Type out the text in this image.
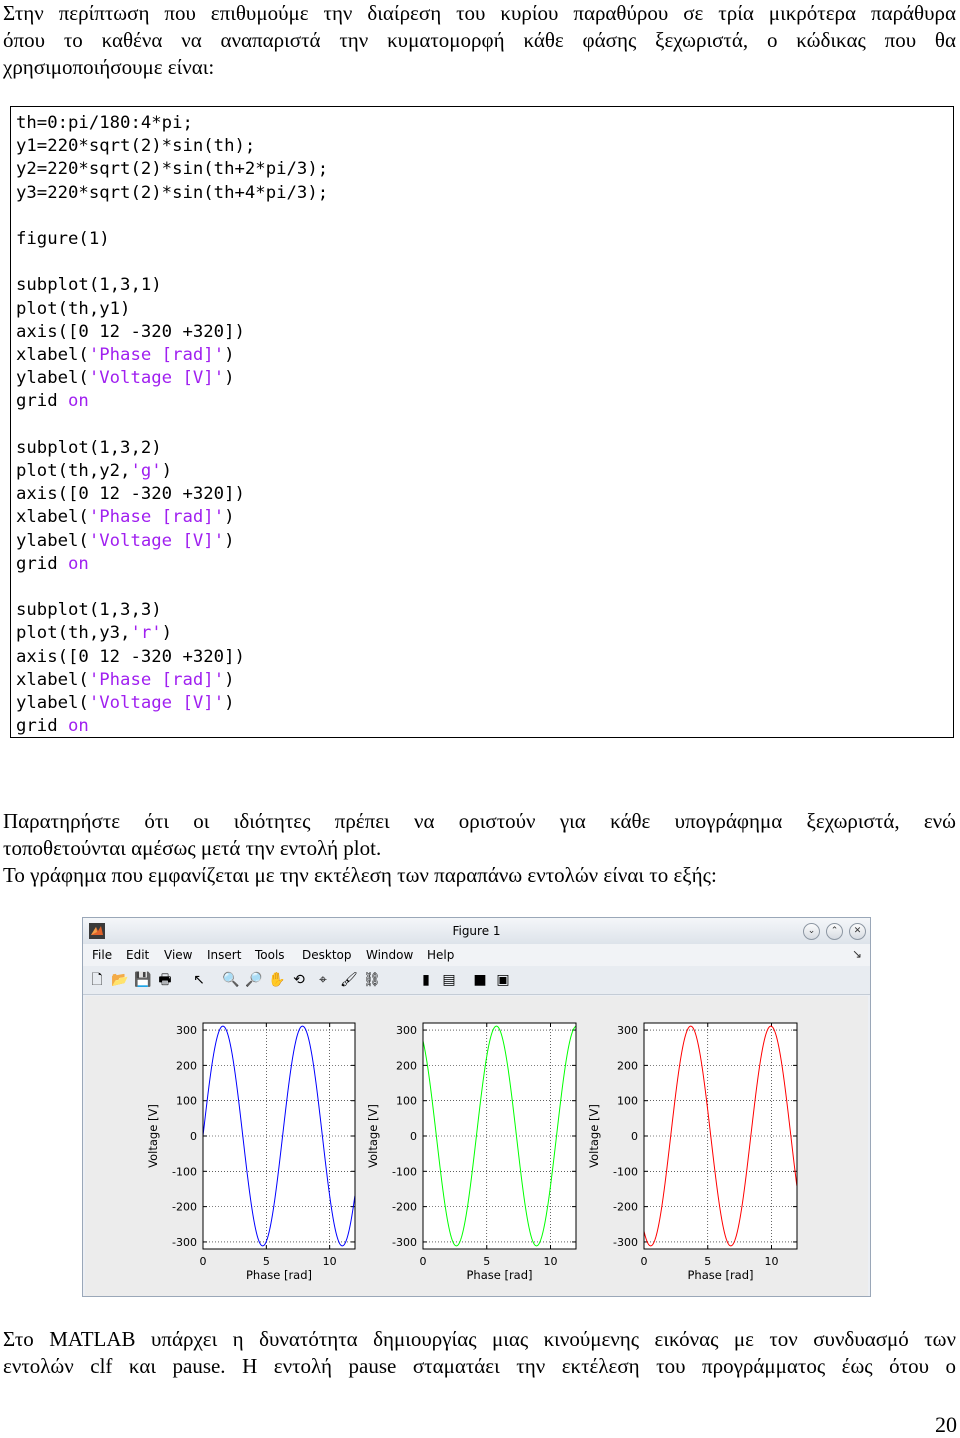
Στην περίπτωση που επιθυμούμε την διαίρεση του κυρίου παραθύρου σε τρία μικρότερα παράθυρα
όπου το καθένα να αναπαριστά την κυματομορφή κάθε φάσης ξεχωριστά, ο κώδικας που θα
χρησιμοποιήσουμε είναι:
th=0:pi/180:4*pi;
y1=220*sqrt(2)*sin(th);
y2=220*sqrt(2)*sin(th+2*pi/3);
y3=220*sqrt(2)*sin(th+4*pi/3);
figure(1)
subplot(1,3,1)
plot(th,y1)
axis([0 12 -320 +320])
xlabel('Phase [rad]')
ylabel('Voltage [V]')
grid on
subplot(1,3,2)
plot(th,y2,'g')
axis([0 12 -320 +320])
xlabel('Phase [rad]')
ylabel('Voltage [V]')
grid on
subplot(1,3,3)
plot(th,y3,'r')
axis([0 12 -320 +320])
xlabel('Phase [rad]')
ylabel('Voltage [V]')
grid on
Παρατηρήστε ότι οι ιδιότητες πρέπει να οριστούν για κάθε υπογράφημα ξεχωριστά, ενώ
τοποθετούνται αμέσως μετά την εντολή plot.
Το γράφημα που εμφανίζεται με την εκτέλεση των παραπάνω εντολών είναι το εξής:
Figure 1	⌄	⌃	✕
File Edit View Insert Tools Desktop Window Help	↘
🗋 📂 💾 🖶 ↖ 🔍 🔎 ✋ ⟲ ⌖ 🖌 ⛓	▮ ▤ ■ ▣
-300
-200
-100
0
100
200
300
0	5	10
Phase [rad]
Voltage [V]
-300
-200
-100
0
100
200
300
0	5	10
Phase [rad]
Voltage [V]
-300
-200
-100
0
100
200
300
0	5	10
Phase [rad]
Voltage [V]
Στο MATLAB υπάρχει η δυνατότητα δημιουργίας μιας κινούμενης εικόνας με τον συνδυασμό των
εντολών clf και pause. Η εντολή pause σταματάει την εκτέλεση του προγράμματος έως ότου ο
20
